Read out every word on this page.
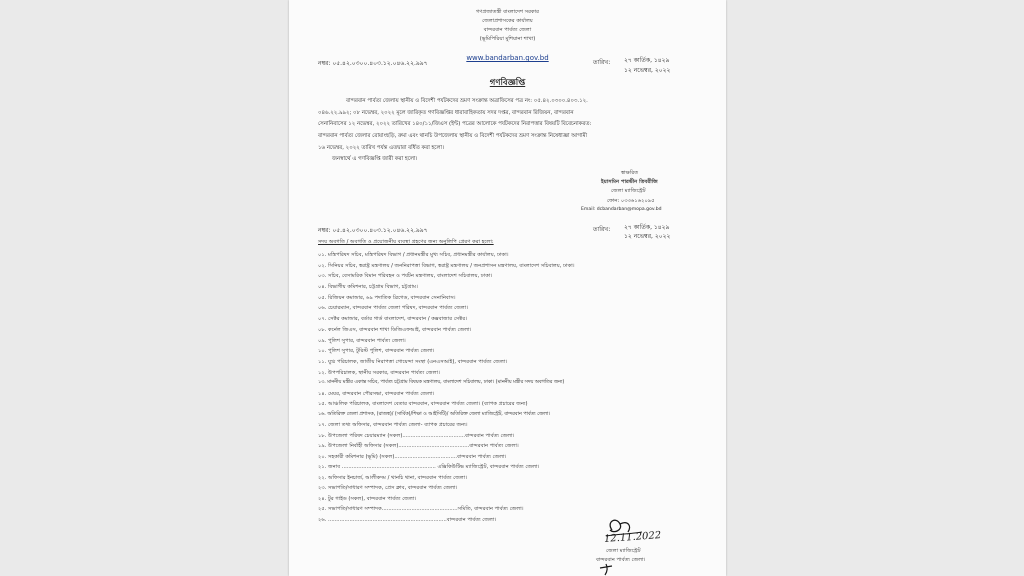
গণপ্রজাতন্ত্রী বাংলাদেশ সরকার
জেলাপ্রশাসকের কার্যালয়
বান্দরবান পার্বত্য জেলা
(ভূমিপিরিয়া মুশিয়ানা শাখা)
www.bandarban.gov.bd
নম্বর: ০৫.৪২.০৩০০.৪০৩.১২.০৪৬.২২.৯৯৭	তারিখ: ২৭ কার্তিক, ১৪২৯
১২ নভেম্বর, ২০২২
গণবিজ্ঞপ্তি
বান্দরবান পার্বত্য জেলায় স্থানীয় ও বিদেশী পর্যটকদের ভ্রমণ সংক্রান্ত অত্রাফিসের পত্র নং: ০৫.৪২.০৩০০.৪০৩.১২.
০৪৬.২২.৯৯২; ০৮ নভেম্বর, ২০২২ মূলে জারিকৃত গণবিজ্ঞপ্তির ধারাবাহিকতায় সদর দপ্তর, বান্দরবান রিজিয়ন, বান্দরবান
সেনানিবাসের ১২ নভেম্বর, ২০২২ তারিখের ১৪০/১১/জিএস (ইন্ট) পত্রের আলোকে পর্যটকদের নিরাপত্তার বিষয়টি বিবেচনাকরত:
বান্দরবান পার্বত্য জেলার রোয়াংছড়ি, রুমা এবং থানচি উপজেলায় স্থানীয় ও বিদেশী পর্যটকদের ভ্রমণ সংক্রান্ত নিষেধাজ্ঞা আগামী
১৬ নভেম্বর, ২০২২ তারিখ পর্যন্ত এতদ্বারা বর্ধিত করা হলো।
জনস্বার্থে এ গণবিজ্ঞপ্তি জারী করা হলো।
স্বাক্ষরিত
ইয়াসমিন পারভীন তিবরীজি
জেলা ম্যাজিস্ট্রেট
ফোন: ০৩৩৬১৬২০৯৫
Email: dcbandarban@mopa.gov.bd
নম্বর: ০৫.৪২.০৩০০.৪০৩.১২.০৪৬.২২.৯৯৭	তারিখ: ২৭ কার্তিক, ১৪২৯
১২ নভেম্বর, ২০২২
সদয় অবগতি / অবগতি ও প্রয়োজনীয় ব্যবস্থা গ্রহণের জন্য অনুলিপি প্রেরণ করা হলো:
০১. মন্ত্রিপরিষদ সচিব, মন্ত্রিপরিষদ বিভাগ / প্রধানমন্ত্রীর মুখ্য সচিব, প্রধানমন্ত্রীর কার্যালয়, ঢাকা।
০২. সিনিয়র সচিব, স্বরাষ্ট্র মন্ত্রণালয় / জননিরাপত্তা বিভাগ, স্বরাষ্ট্র মন্ত্রণালয় / জনপ্রশাসন মন্ত্রণালয়, বাংলাদেশ সচিবালয়, ঢাকা।
০৩. সচিব, বেসামরিক বিমান পরিবহন ও পর্যটন মন্ত্রণালয়, বাংলাদেশ সচিবালয়, ঢাকা।
০৪. বিভাগীয় কমিশনার, চট্টগ্রাম বিভাগ, চট্টগ্রাম।
০৫. রিজিয়ন কমান্ডার, ৬৯ পদাতিক ব্রিগেড, বান্দরবান সেনানিবাস।
০৬. চেয়ারম্যান, বান্দরবান পার্বত্য জেলা পরিষদ, বান্দরবান পার্বত্য জেলা।
০৭. সেক্টর কমান্ডার, বর্ডার গার্ড বাংলাদেশ, বান্দরবান / কক্সবাজার সেক্টর।
০৮. কর্নেল জিএস, বান্দরবান শাখা ডিজিএফআই, বান্দরবান পার্বত্য জেলা।
০৯. পুলিশ সুপার, বান্দরবান পার্বত্য জেলা।
১০. পুলিশ সুপার, টুরিস্ট পুলিশ, বান্দরবান পার্বত্য জেলা।
১১. যুগ্ম পরিচালক, জাতীয় নিরাপত্তা গোয়েন্দা সংস্থা (এনএসআই), বান্দরবান পার্বত্য জেলা।
১২. উপপরিচালক, স্থানীয় সরকার, বান্দরবান পার্বত্য জেলা।
১৩. মাননীয় মন্ত্রীর একান্ত সচিব, পার্বত্য চট্টগ্রাম বিষয়ক মন্ত্রণালয়, বাংলাদেশ সচিবালয়, ঢাকা। (মাননীয় মন্ত্রীর সদয় অবগতির জন্য)
১৪. মেয়র, বান্দরবান পৌরসভা, বান্দরবান পার্বত্য জেলা।
১৫. আঞ্চলিক পরিচালক, বাংলাদেশ বেতার বান্দরবান, বান্দরবান পার্বত্য জেলা। (ব্যাপক প্রচারের জন্য)
১৬. অতিরিক্ত জেলা প্রশাসক, (রাজস্ব)/ (সার্বিক)/শিক্ষা ও আইসিটি)/ অতিরিক্ত জেলা ম্যাজিস্ট্রেট, বান্দরবান পার্বত্য জেলা।
১৭. জেলা তথ্য অফিসার, বান্দরবান পার্বত্য জেলা- ব্যাপক প্রচারের জন্য।
১৮. উপজেলা পরিষদ চেয়ারম্যান (সকল)......................................বান্দরবান পার্বত্য জেলা।
১৯. উপজেলা নির্বাহী অফিসার (সকল)...........................................বান্দরবান পার্বত্য জেলা।
২০. সহকারী কমিশনার (ভূমি) (সকল)......................................বান্দরবান পার্বত্য জেলা।
২১. জনাব ......................................................... এক্সিকিউটিভ ম্যাজিস্ট্রেট, বান্দরবান পার্বত্য জেলা।
২২. অফিসার ইনচার্জ, আলীকদম / থানচি থানা, বান্দরবান পার্বত্য জেলা।
২৩. সভাপতি/সাধারণ সম্পাদক, প্রেস ক্লাব, বান্দরবান পার্বত্য জেলা।
২৪. টুর গাইড (সকল), বান্দরবান পার্বত্য জেলা।
২৫. সভাপতি/সাধারণ সম্পাদক..............................................সমিতি, বান্দরবান পার্বত্য জেলা।
২৬. ........................................................................বান্দরবান পার্বত্য জেলা।
12.11.2022
জেলা ম্যাজিস্ট্রেট
বান্দরবান পার্বত্য জেলা।
